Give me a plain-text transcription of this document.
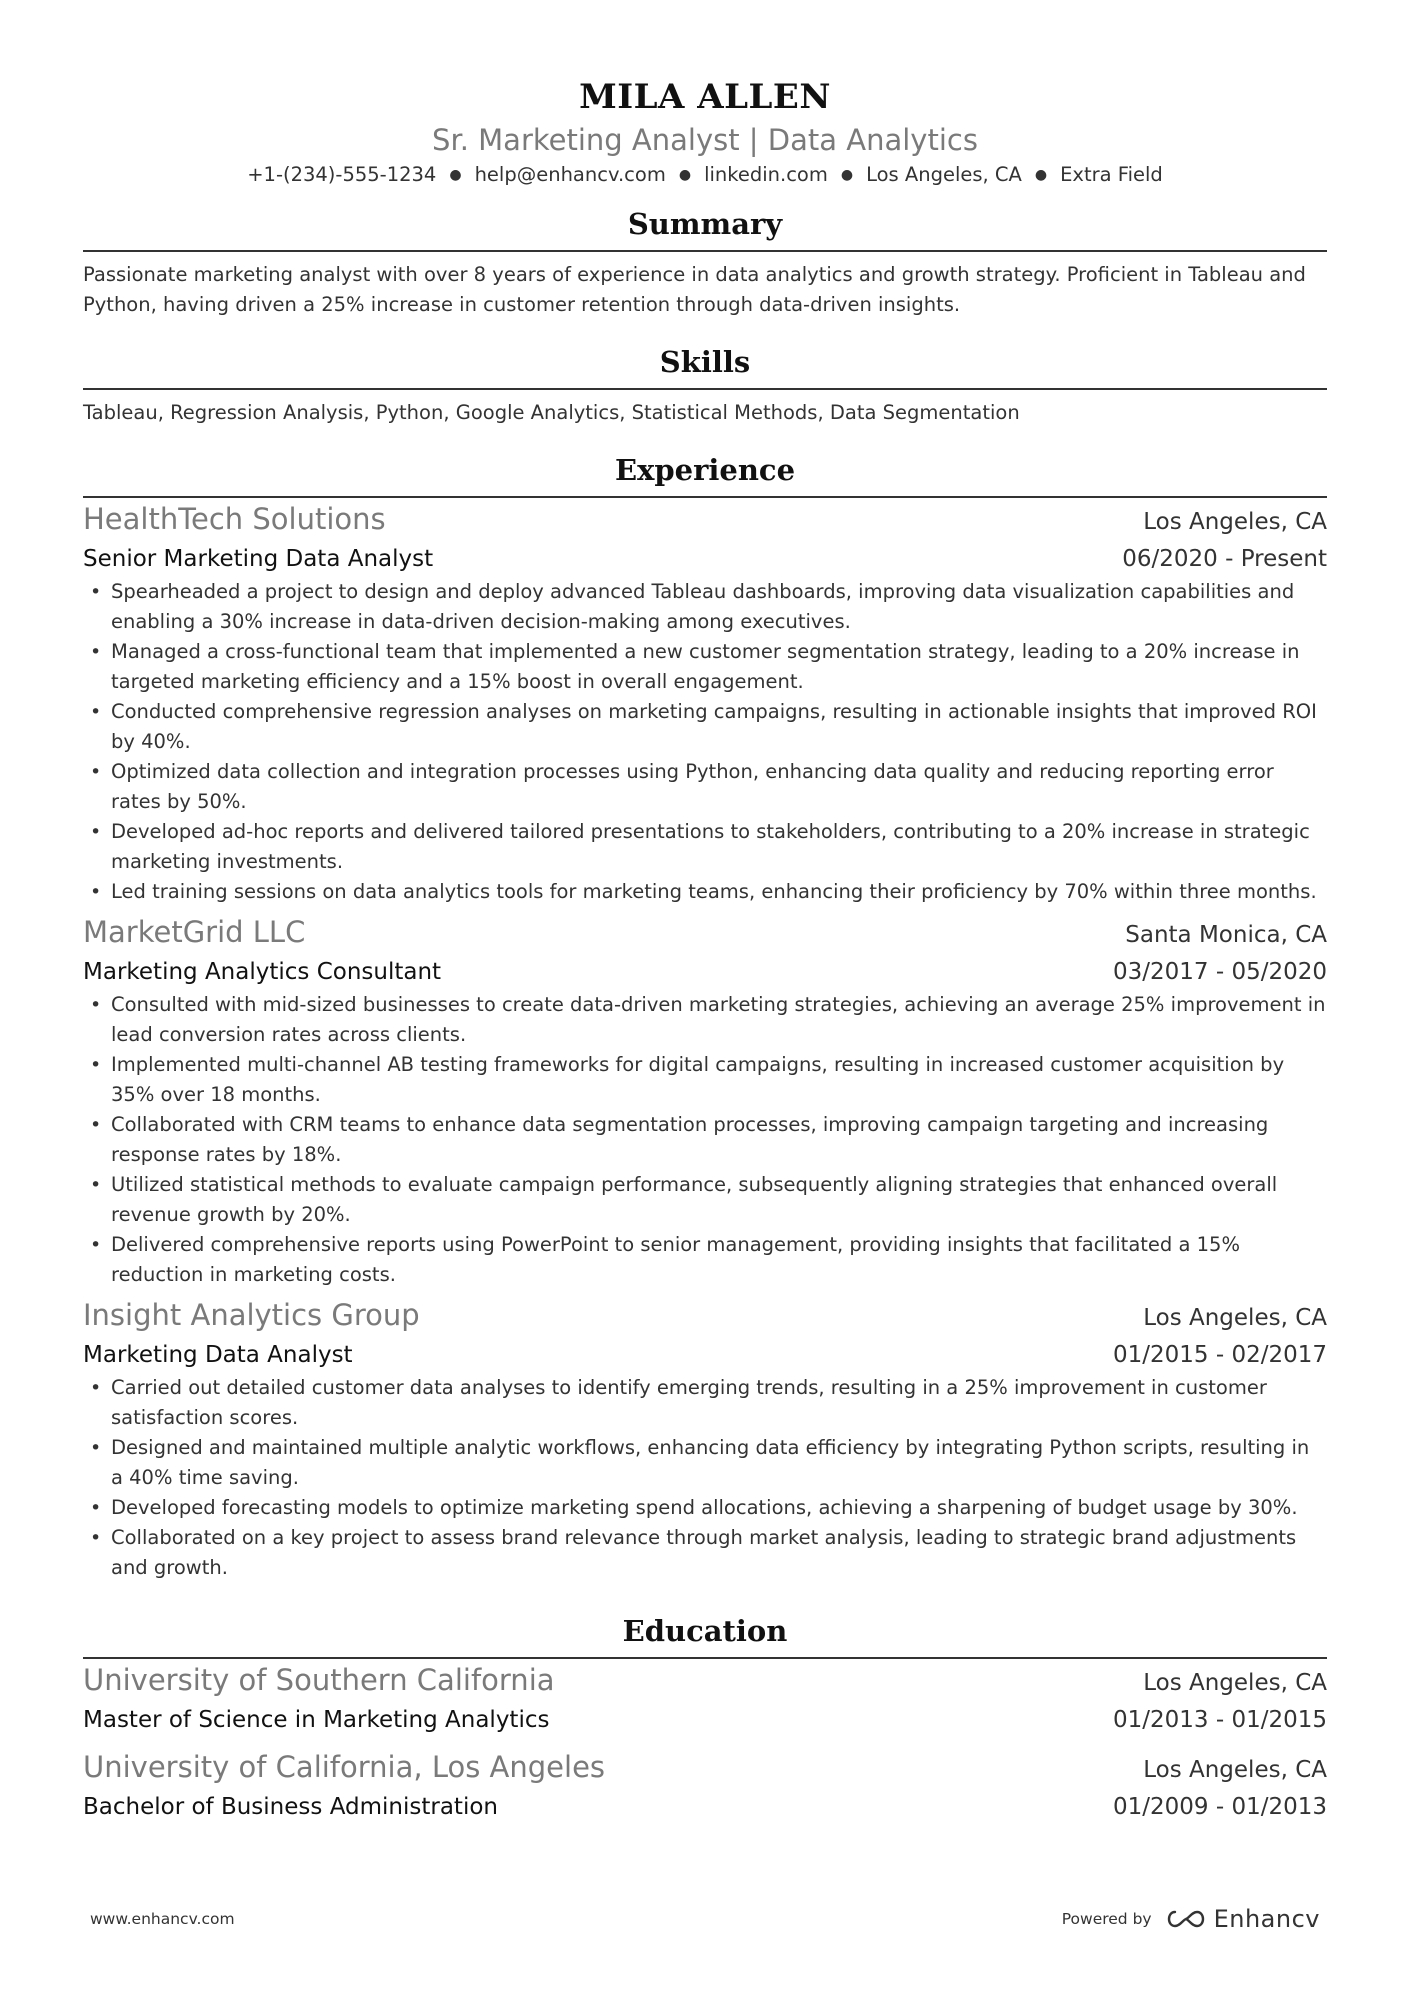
MILA ALLEN

Sr. Marketing Analyst | Data Analytics

+1-(234)-555-1234 ● help@enhancv.com ● linkedin.com ● Los Angeles, CA ● Extra Field
Summary

Passionate marketing analyst with over 8 years of experience in data analytics and growth strategy. Proficient in Tableau and Python, having driven a 25% increase in customer retention through data-driven insights.

Skills

Tableau, Regression Analysis, Python, Google Analytics, Statistical Methods, Data Segmentation

Experience
HealthTech Solutions	Los Angeles, CA
Senior Marketing Data Analyst	06/2020 - Present
• Spearheaded a project to design and deploy advanced Tableau dashboards, improving data visualization capabilities and enabling a 30% increase in data-driven decision-making among executives.
• Managed a cross-functional team that implemented a new customer segmentation strategy, leading to a 20% increase in targeted marketing efficiency and a 15% boost in overall engagement.
• Conducted comprehensive regression analyses on marketing campaigns, resulting in actionable insights that improved ROI by 40%.
• Optimized data collection and integration processes using Python, enhancing data quality and reducing reporting error rates by 50%.
• Developed ad-hoc reports and delivered tailored presentations to stakeholders, contributing to a 20% increase in strategic marketing investments.
• Led training sessions on data analytics tools for marketing teams, enhancing their proficiency by 70% within three months.
MarketGrid LLC	Santa Monica, CA
Marketing Analytics Consultant	03/2017 - 05/2020
• Consulted with mid-sized businesses to create data-driven marketing strategies, achieving an average 25% improvement in lead conversion rates across clients.
• Implemented multi-channel AB testing frameworks for digital campaigns, resulting in increased customer acquisition by 35% over 18 months.
• Collaborated with CRM teams to enhance data segmentation processes, improving campaign targeting and increasing response rates by 18%.
• Utilized statistical methods to evaluate campaign performance, subsequently aligning strategies that enhanced overall revenue growth by 20%.
• Delivered comprehensive reports using PowerPoint to senior management, providing insights that facilitated a 15% reduction in marketing costs.
Insight Analytics Group	Los Angeles, CA
Marketing Data Analyst	01/2015 - 02/2017
• Carried out detailed customer data analyses to identify emerging trends, resulting in a 25% improvement in customer satisfaction scores.
• Designed and maintained multiple analytic workflows, enhancing data efficiency by integrating Python scripts, resulting in a 40% time saving.
• Developed forecasting models to optimize marketing spend allocations, achieving a sharpening of budget usage by 30%.
• Collaborated on a key project to assess brand relevance through market analysis, leading to strategic brand adjustments and growth.
Education
University of Southern California	Los Angeles, CA
Master of Science in Marketing Analytics	01/2013 - 01/2015
University of California, Los Angeles	Los Angeles, CA
Bachelor of Business Administration	01/2009 - 01/2013
www.enhancv.com	Powered by	Enhancv
